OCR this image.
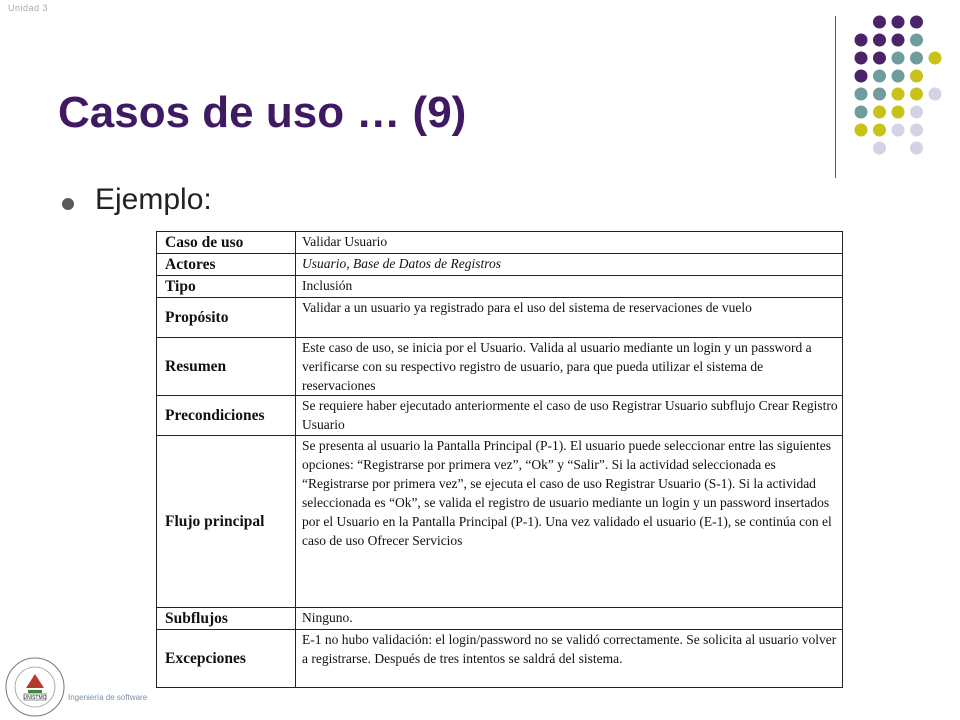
Unidad 3
Casos de uso … (9)
Ejemplo:
Caso de uso	Validar Usuario
Actores	Usuario, Base de Datos de Registros
Tipo	Inclusión
Propósito	Validar a un usuario ya registrado para el uso del sistema de reservaciones de vuelo
Resumen	Este caso de uso, se inicia por el Usuario. Valida al usuario mediante un login y un password a verificarse con su respectivo registro de usuario, para que pueda utilizar el sistema de reservaciones
Precondiciones	Se requiere haber ejecutado anteriormente el caso de uso Registrar Usuario subflujo Crear Registro Usuario
Flujo principal	Se presenta al usuario la Pantalla Principal (P-1). El usuario puede seleccionar entre las siguientes opciones: “Registrarse por primera vez”, “Ok” y “Salir”. Si la actividad seleccionada es “Registrarse por primera vez”, se ejecuta el caso de uso Registrar Usuario (S-1). Si la actividad seleccionada es “Ok”, se valida el registro de usuario mediante un login y un password insertados por el Usuario en la Pantalla Principal (P-1). Una vez validado el usuario (E-1), se continúa con el caso de uso Ofrecer Servicios
Subflujos	Ninguno.
Excepciones	E-1 no hubo validación: el login/password no se validó correctamente. Se solicita al usuario volver a registrarse. Después de tres intentos se saldrá del sistema.
UNISTMO	Ingeniería de software
